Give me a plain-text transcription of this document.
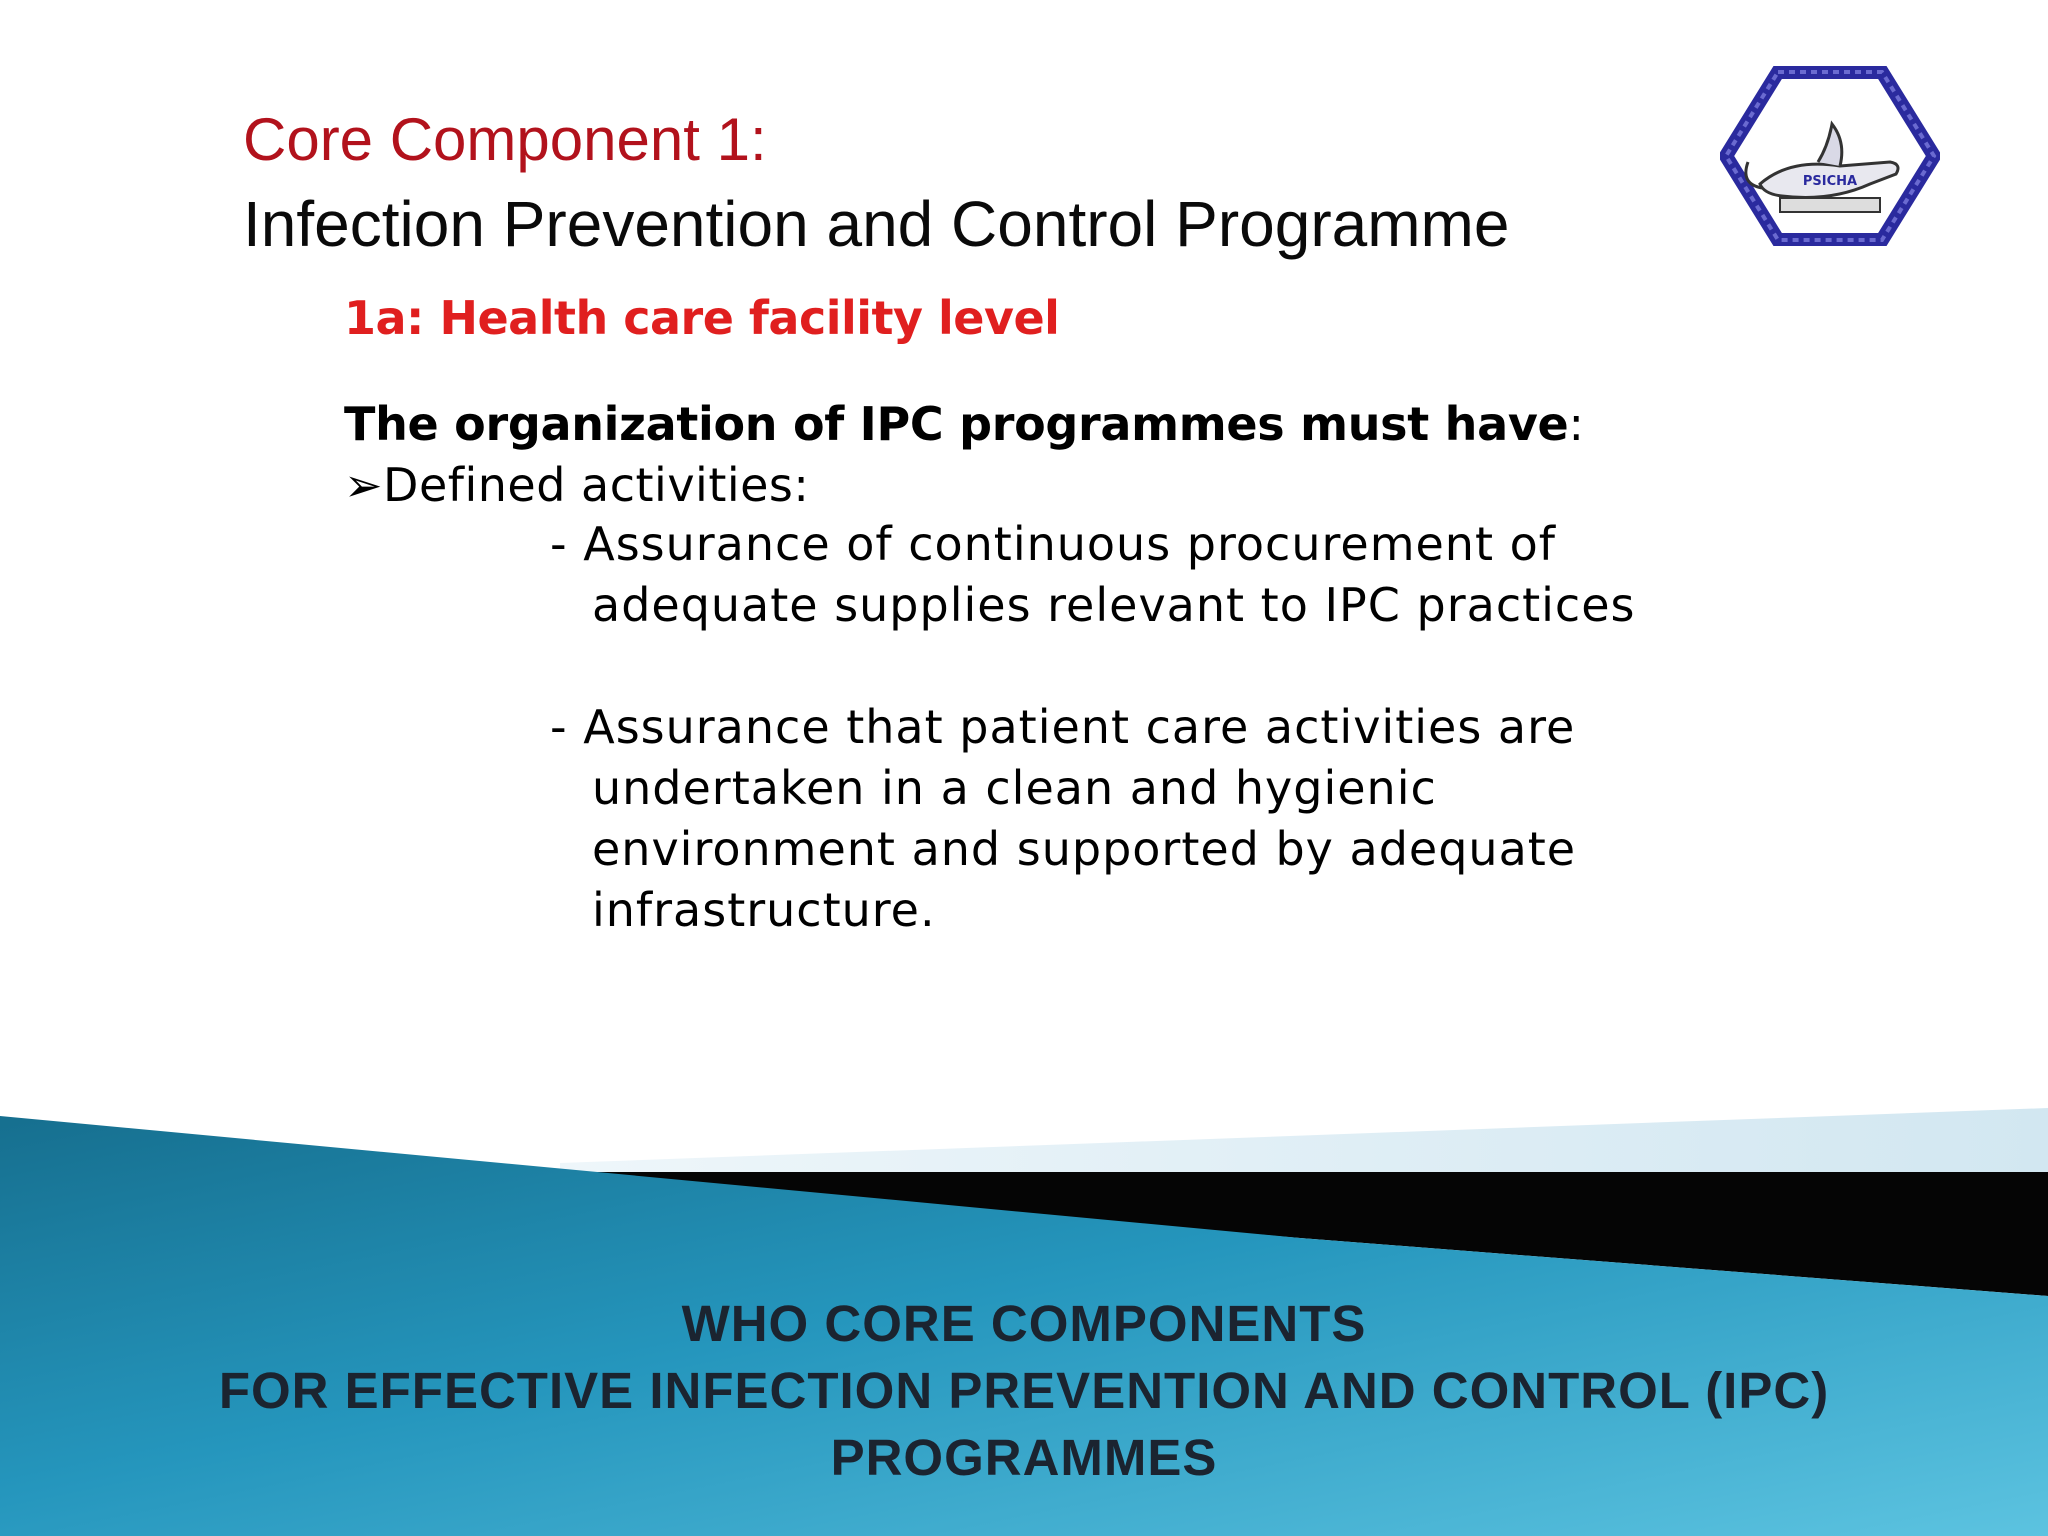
Core Component 1:
Infection Prevention and Control Programme
1a: Health care facility level
The organization of IPC programmes must have:
➢Defined activities:
- Assurance of continuous procurement of
adequate supplies relevant to IPC practices
- Assurance that patient care activities are
undertaken in a clean and hygienic
environment and supported by adequate
infrastructure.
PSICHA
WHO CORE COMPONENTS
FOR EFFECTIVE INFECTION PREVENTION AND CONTROL (IPC)
PROGRAMMES
